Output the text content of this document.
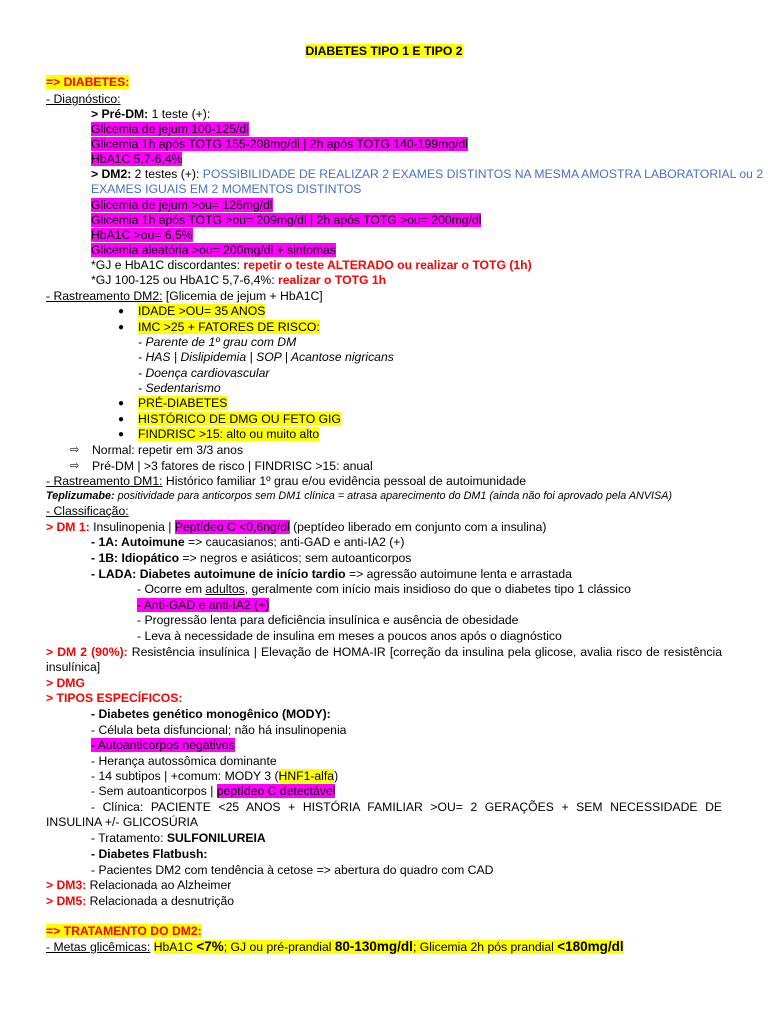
DIABETES TIPO 1 E TIPO 2
=> DIABETES:
- Diagnóstico:
> Pré-DM: 1 teste (+):
Glicemia de jejum 100-125/dl
Glicemia 1h após TOTG 155-208mg/dl | 2h após TOTG 140-199mg/dl
HbA1C 5,7-6,4%
> DM2: 2 testes (+): POSSIBILIDADE DE REALIZAR 2 EXAMES DISTINTOS NA MESMA AMOSTRA LABORATORIAL ou 2
EXAMES IGUAIS EM 2 MOMENTOS DISTINTOS
Glicemia de jejum >ou= 126mg/dl
Glicemia 1h após TOTG >ou= 209mg/dl | 2h após TOTG >ou= 200mg/dl
HbA1C >ou= 6,5%
Glicemia aleatória >ou= 200mg/dl + sintomas
*GJ e HbA1C discordantes: repetir o teste ALTERADO ou realizar o TOTG (1h)
*GJ 100-125 ou HbA1C 5,7-6,4%: realizar o TOTG 1h
- Rastreamento DM2: [Glicemia de jejum + HbA1C]
● IDADE >OU= 35 ANOS
● IMC >25 + FATORES DE RISCO:
- Parente de 1º grau com DM
- HAS | Dislipidemia | SOP | Acantose nigricans
- Doença cardiovascular
- Sedentarismo
● PRÉ-DIABETES
● HISTÓRICO DE DMG OU FETO GIG
● FINDRISC >15: alto ou muito alto
⇨ Normal: repetir em 3/3 anos
⇨ Pré-DM | >3 fatores de risco | FINDRISC >15: anual
- Rastreamento DM1: Histórico familiar 1º grau e/ou evidência pessoal de autoimunidade
Teplizumabe: positividade para anticorpos sem DM1 clínica = atrasa aparecimento do DM1 (ainda não foi aprovado pela ANVISA)
- Classificação:
> DM 1: Insulinopenia | Peptídeo C <0,6ng/dl (peptídeo liberado em conjunto com a insulina)
- 1A: Autoimune => caucasianos; anti-GAD e anti-IA2 (+)
- 1B: Idiopático => negros e asiáticos; sem autoanticorpos
- LADA: Diabetes autoimune de início tardio => agressão autoimune lenta e arrastada
- Ocorre em adultos, geralmente com início mais insidioso do que o diabetes tipo 1 clássico
- Anti-GAD e anti-IA2 (+)
- Progressão lenta para deficiência insulínica e ausência de obesidade
- Leva à necessidade de insulina em meses a poucos anos após o diagnóstico
> DM 2 (90%): Resistência insulínica | Elevação de HOMA-IR [correção da insulina pela glicose, avalia risco de resistência insulínica]
> DMG
> TIPOS ESPECÍFICOS:
- Diabetes genético monogênico (MODY):
- Célula beta disfuncional; não há insulinopenia
- Autoanticorpos negativos
- Herança autossômica dominante
- 14 subtipos | +comum: MODY 3 (HNF1-alfa)
- Sem autoanticorpos | peptídeo C detectável
- Clínica: PACIENTE <25 ANOS + HISTÓRIA FAMILIAR >OU= 2 GERAÇÕES + SEM NECESSIDADE DE INSULINA +/- GLICOSÚRIA
- Tratamento: SULFONILUREIA
- Diabetes Flatbush:
- Pacientes DM2 com tendência à cetose => abertura do quadro com CAD
> DM3: Relacionada ao Alzheimer
> DM5: Relacionada a desnutrição
=> TRATAMENTO DO DM2:
- Metas glicêmicas: HbA1C <7%; GJ ou pré-prandial 80-130mg/dl; Glicemia 2h pós prandial <180mg/dl
